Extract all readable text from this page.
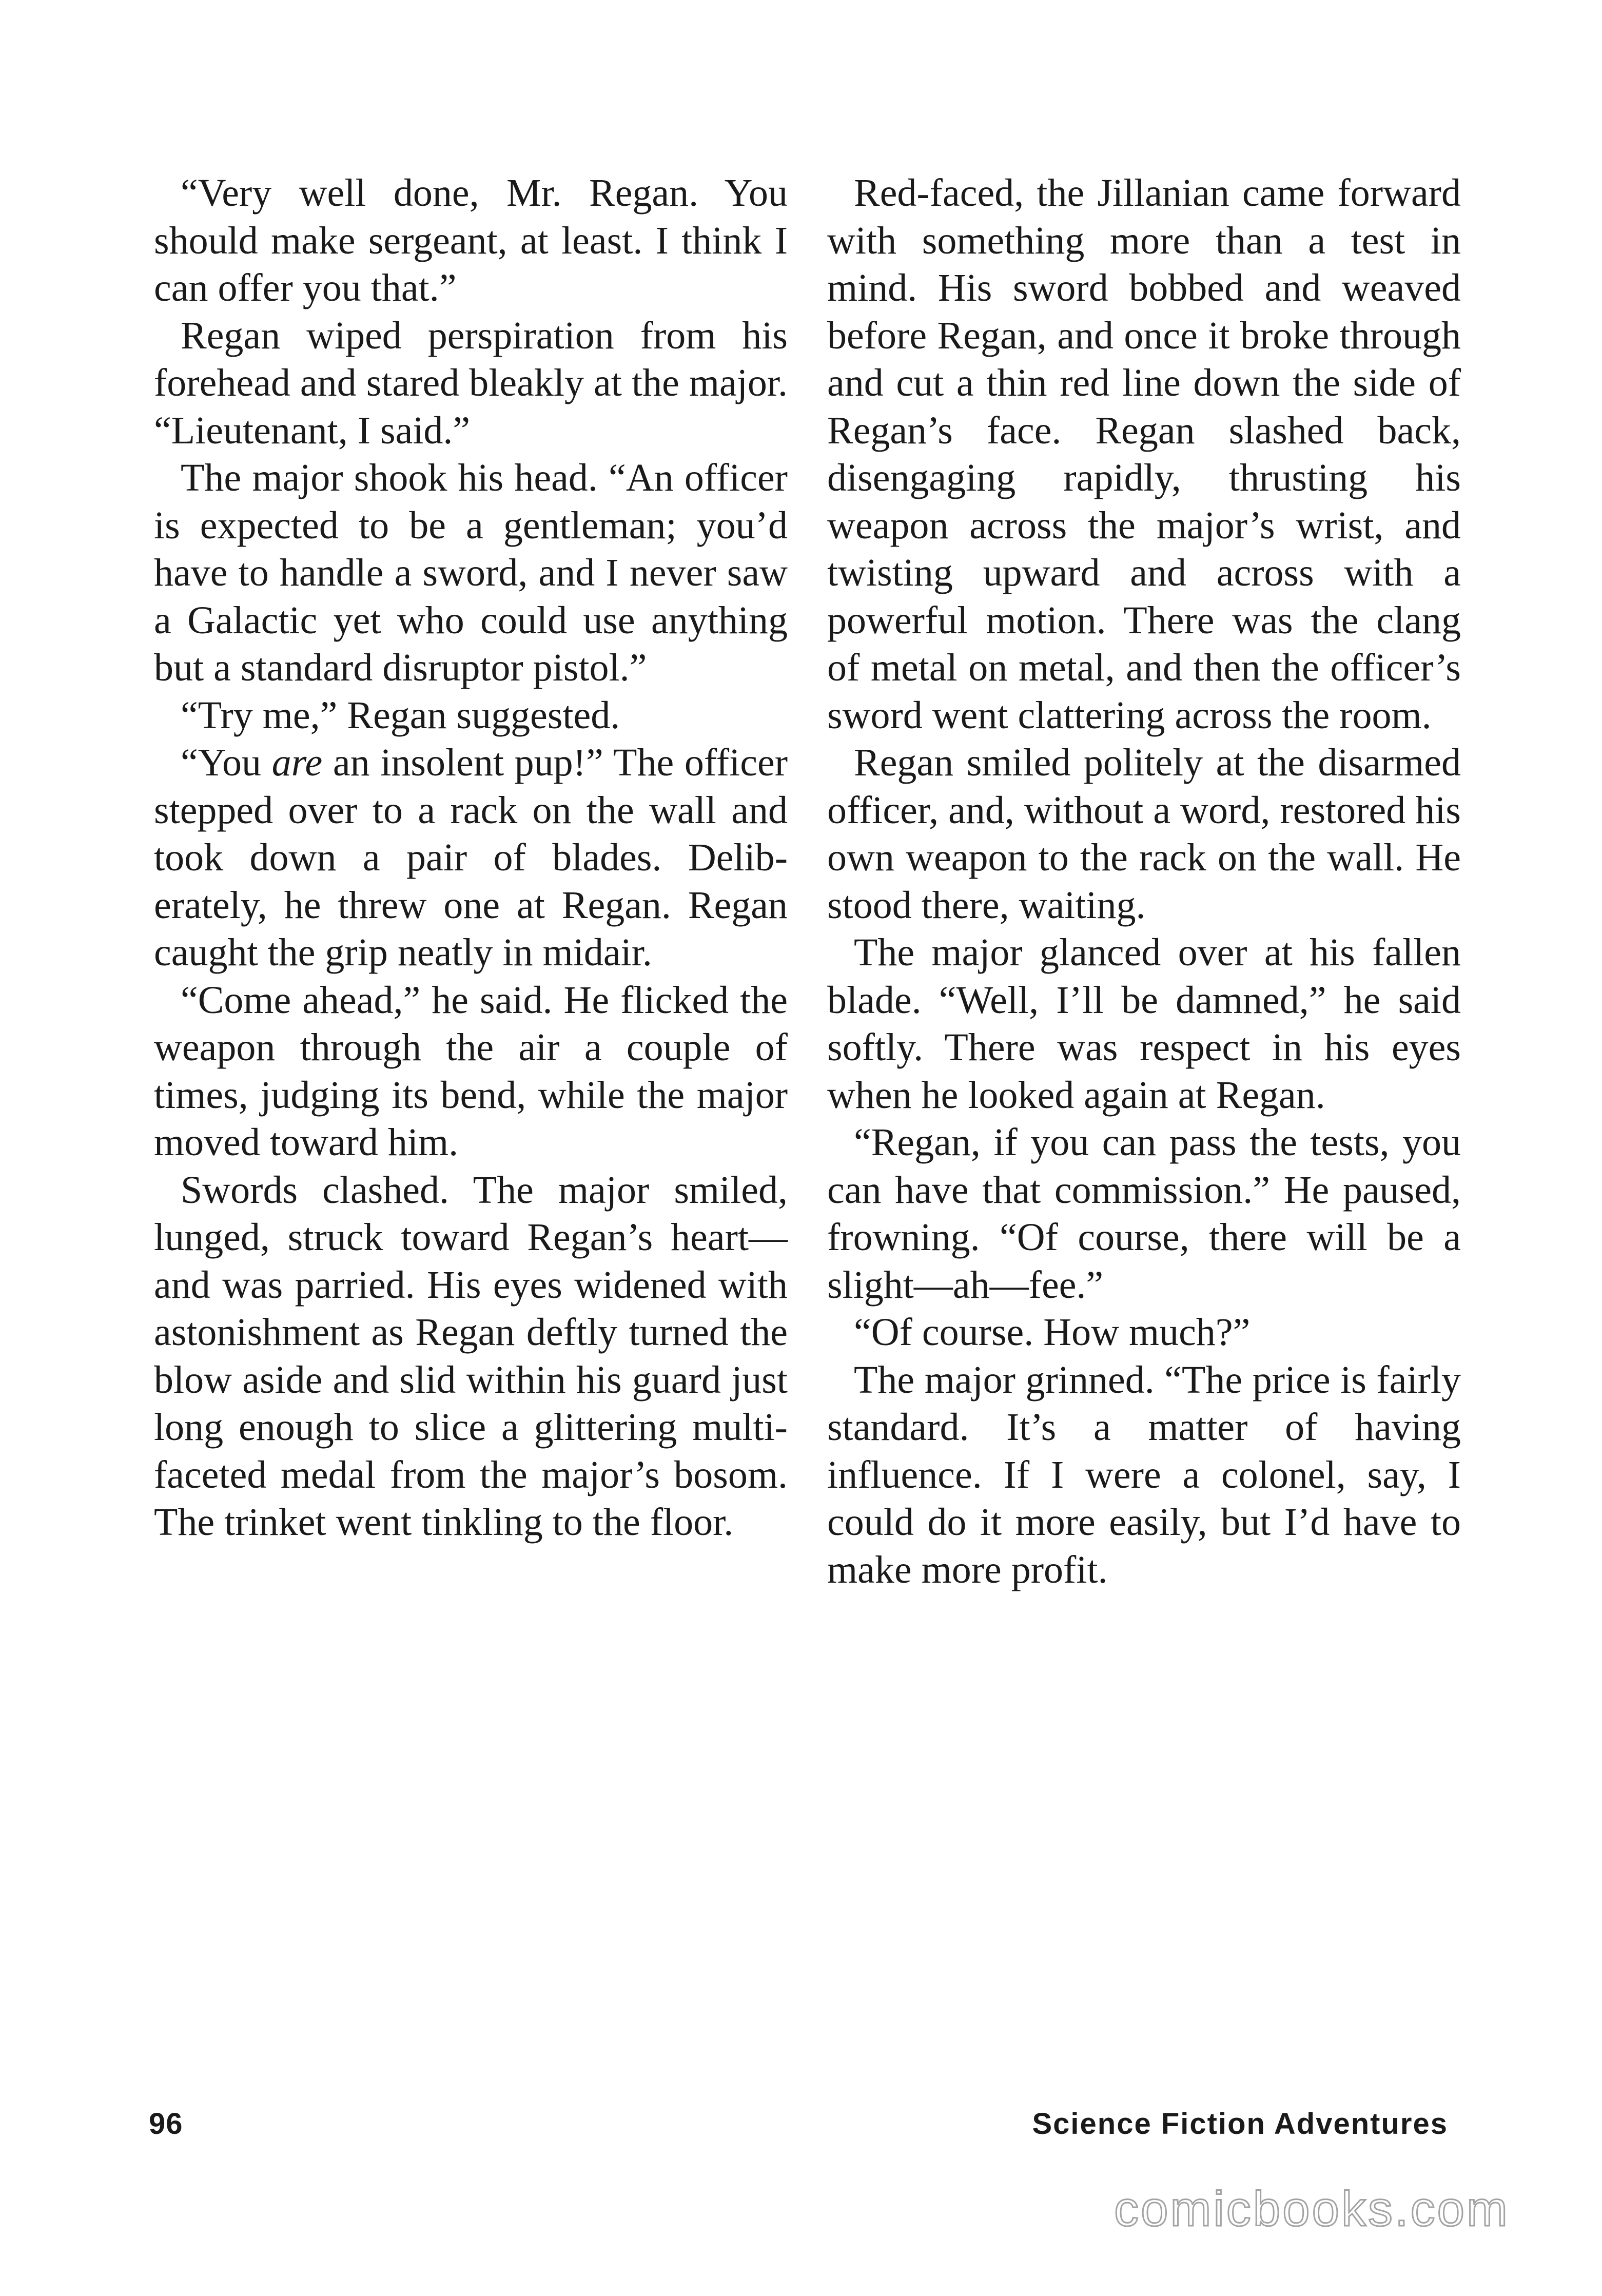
“Very well done, Mr. Regan. You should make sergeant, at least. I think I can offer you that.”

Regan wiped perspiration from his forehead and stared bleakly at the major. “Lieutenant, I said.”

The major shook his head. “An officer is expected to be a gentleman; you’d have to handle a sword, and I never saw a Galactic yet who could use anything but a standard disruptor pistol.”

“Try me,” Regan suggested.

“You are an insolent pup!” The officer stepped over to a rack on the wall and took down a pair of blades. Deliberately, he threw one at Regan. Regan caught the grip neatly in midair.

“Come ahead,” he said. He flicked the weapon through the air a couple of times, judging its bend, while the major moved toward him.

Swords clashed. The major smiled, lunged, struck toward Regan’s heart—and was parried. His eyes widened with astonishment as Regan deftly turned the blow aside and slid within his guard just long enough to slice a glittering multi-faceted medal from the major’s bosom. The trinket went tinkling to the floor.

Red-faced, the Jillanian came forward with something more than a test in mind. His sword bobbed and weaved before Regan, and once it broke through and cut a thin red line down the side of Regan’s face. Regan slashed back, disengaging rapidly, thrusting his weapon across the major’s wrist, and twisting upward and across with a powerful motion. There was the clang of metal on metal, and then the officer’s sword went clattering across the room.

Regan smiled politely at the disarmed officer, and, without a word, restored his own weapon to the rack on the wall. He stood there, waiting.

The major glanced over at his fallen blade. “Well, I’ll be damned,” he said softly. There was respect in his eyes when he looked again at Regan.

“Regan, if you can pass the tests, you can have that commission.” He paused, frowning. “Of course, there will be a slight—ah—fee.”

“Of course. How much?”

The major grinned. “The price is fairly standard. It’s a matter of having influence. If I were a colonel, say, I could do it more easily, but I’d have to make more profit.

96	Science Fiction Adventures
comicbooks.com
